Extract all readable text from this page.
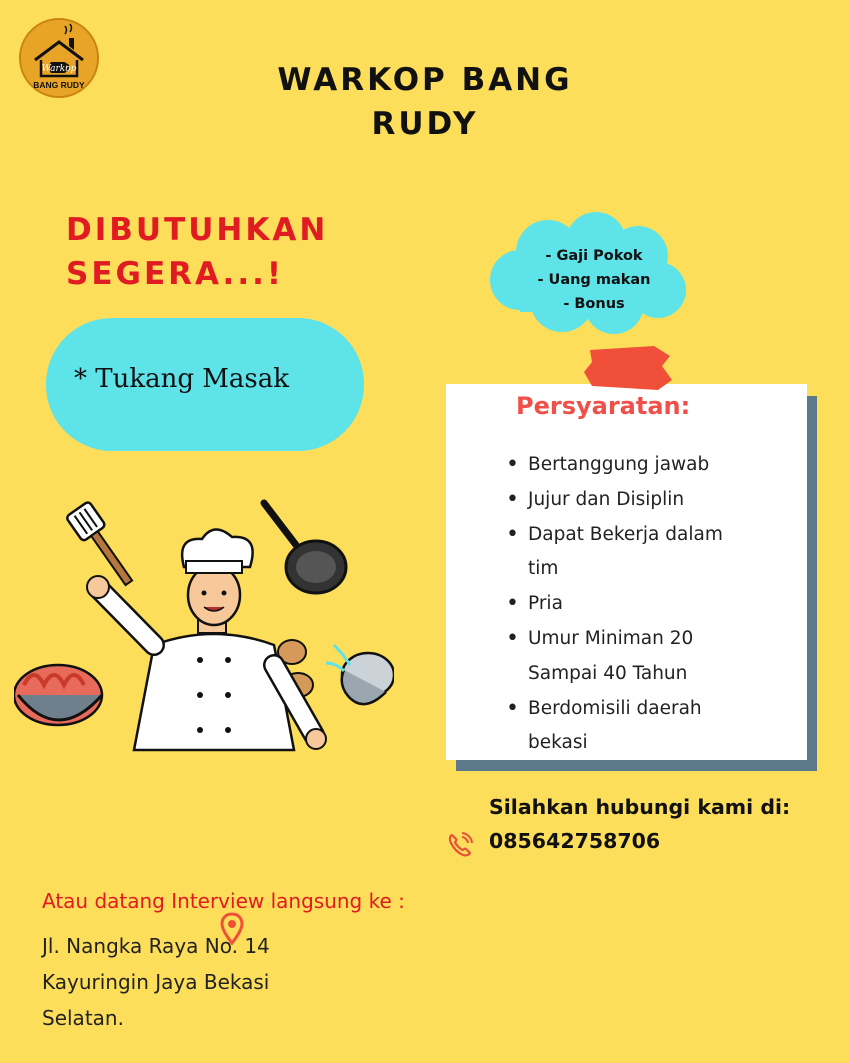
Warkop
BANG RUDY	WARKOP BANG
RUDY
DIBUTUHKAN
SEGERA...!
* Tukang Masak
- Gaji Pokok
- Uang makan
- Bonus
Persyaratan:
• Bertanggung jawab
• Jujur dan Disiplin
• Dapat Bekerja dalam
tim
• Pria
• Umur Miniman 20
Sampai 40 Tahun
• Berdomisili daerah
bekasi
Silahkan hubungi kami di:
085642758706
Atau datang Interview langsung ke :
Jl. Nangka Raya No. 14
Kayuringin Jaya Bekasi
Selatan.
